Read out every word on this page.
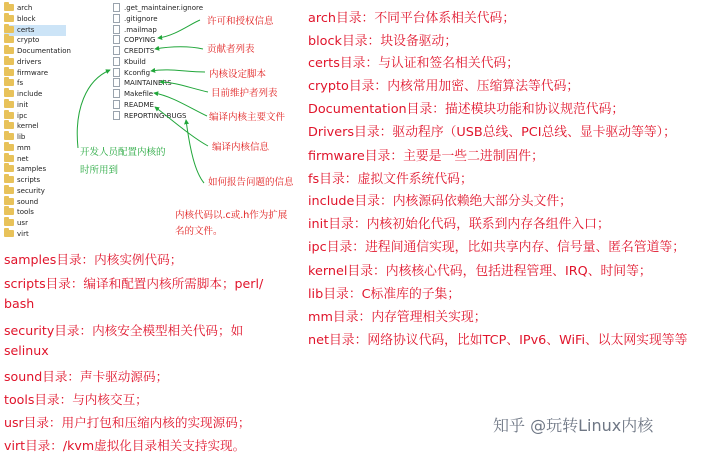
arch
block
certs
crypto
Documentation
drivers
firmware
fs
include
init
ipc
kernel
lib
mm
net
samples
scripts
security
sound
tools
usr
virt
.get_maintainer.ignore
.gitignore
.mailmap
COPYING
CREDITS
Kbuild
Kconfig
MAINTAINERS
Makefile
README
REPORTING-BUGS
许可和授权信息
贡献者列表
内核设定脚本
目前维护者列表
编译内核主要文件
编译内核信息
如何报告问题的信息
开发人员配置内核的
时所用到
内核代码以.c或.h作为扩展
名的文件。
samples目录：内核实例代码；
scripts目录：编译和配置内核所需脚本；perl/
bash
security目录：内核安全模型相关代码；如
selinux
sound目录：声卡驱动源码；
tools目录：与内核交互；
usr目录：用户打包和压缩内核的实现源码；
virt目录：/kvm虚拟化目录相关支持实现。
arch目录：不同平台体系相关代码；
block目录：块设备驱动；
certs目录：与认证和签名相关代码；
crypto目录：内核常用加密、压缩算法等代码；
Documentation目录：描述模块功能和协议规范代码；
Drivers目录：驱动程序（USB总线、PCI总线、显卡驱动等等）；
firmware目录：主要是一些二进制固件；
fs目录：虚拟文件系统代码；
include目录：内核源码依赖绝大部分头文件；
init目录：内核初始化代码，联系到内存各组件入口；
ipc目录：进程间通信实现，比如共享内存、信号量、匿名管道等；
kernel目录：内核核心代码，包括进程管理、IRQ、时间等；
lib目录：C标准库的子集；
mm目录：内存管理相关实现；
net目录：网络协议代码，比如TCP、IPv6、WiFi、以太网实现等等
知乎 @玩转Linux内核
